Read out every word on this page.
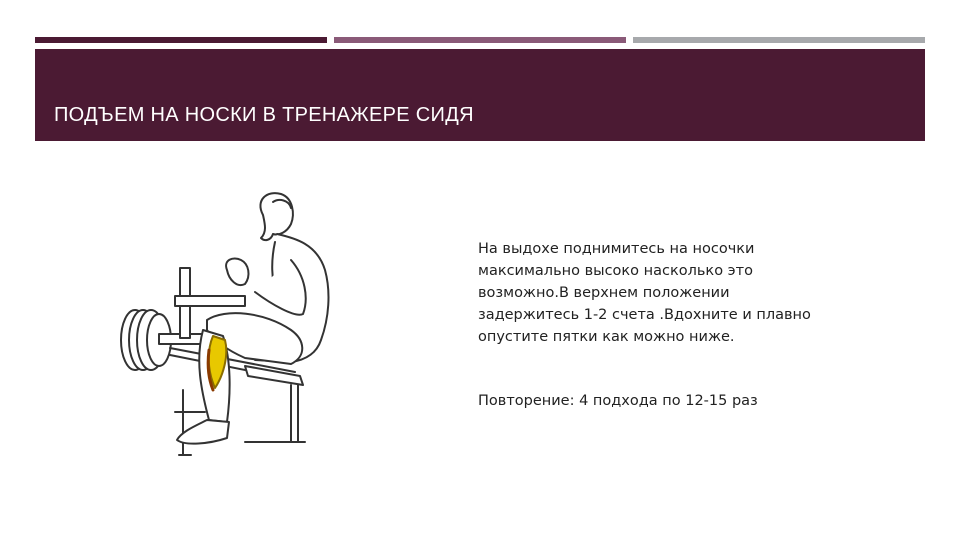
ПОДЪЕМ НА НОСКИ В ТРЕНАЖЕРЕ СИДЯ
На выдохе поднимитесь на носочки максимально высоко насколько это возможно.В верхнем положении задержитесь 1-2 счета .Вдохните и плавно опустите пятки как можно ниже.
Повторение: 4 подхода по 12-15 раз
